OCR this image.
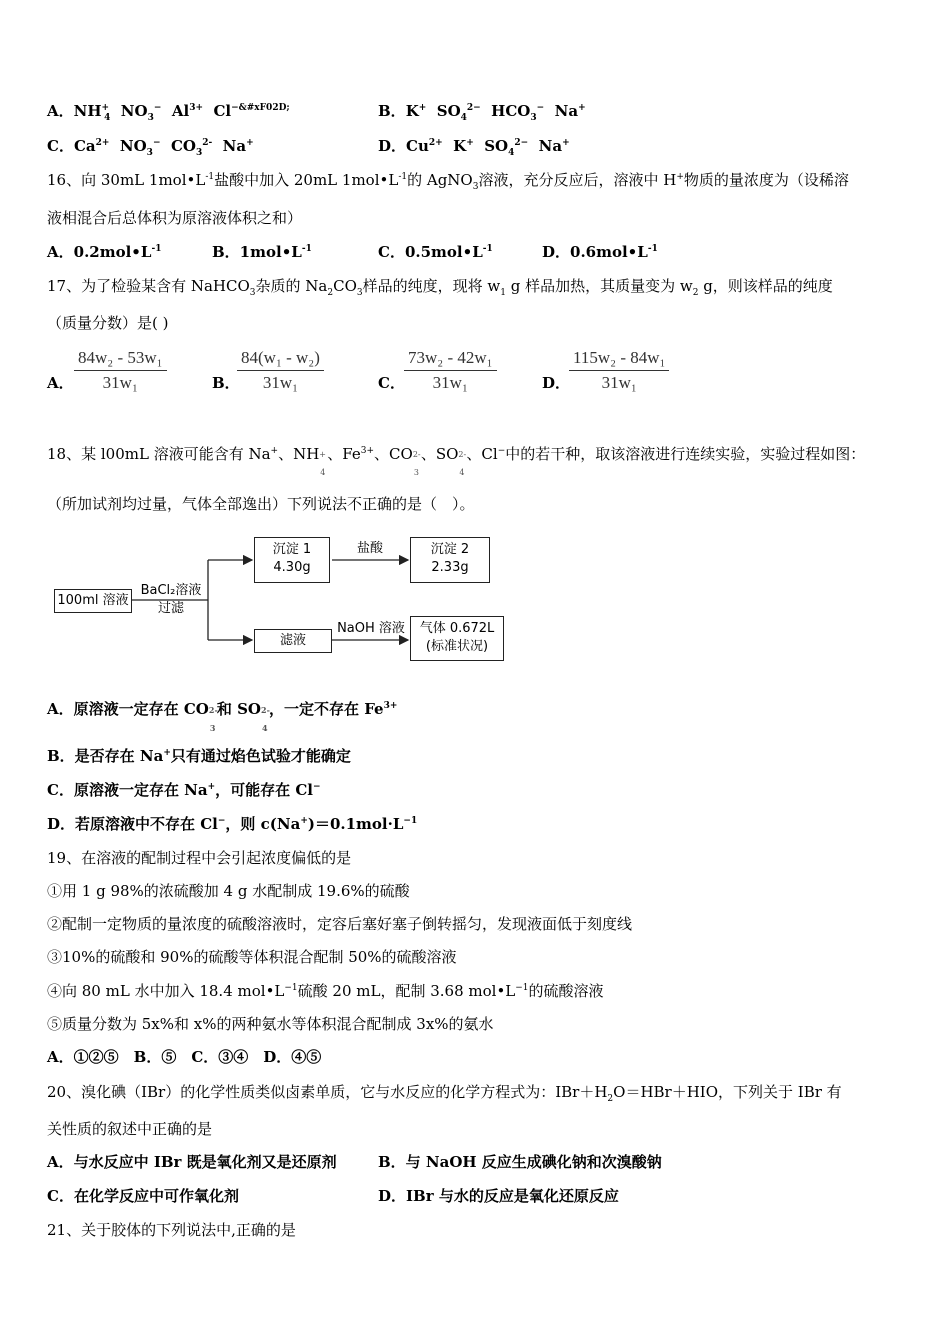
A．$NH^+_4$ $NO_3^-$ $Al^{3+}$ $Cl^{-\&\#xF02D;}$	B．K+ $SO_4^{2-}$ $HCO_3^-$ Na+
C．$Ca^{2+}$ $NO_3^-$ $CO_3^{2-}$ Na+	D．$Cu^{2+}$ K+ $SO_4^{2-}$ Na+
16、向 30mL $1mol•L^{-1}$盐酸中加入 20mL $1mol•L^{-1}$的 AgNO$_3$溶液，充分反应后，溶液中 H+物质的量浓度为（设稀溶
液相混合后总体积为原溶液体积之和）
A．$0.2mol•L^{-1}$	B．$1mol•L^{-1}$	C．$0.5mol•L^{-1}$	D．$0.6mol•L^{-1}$
17、为了检验某含有 NaHCO$_3$杂质的 $Na_2CO_3$样品的纯度，现将 $w_1$ g 样品加热，其质量变为 $w_2$ g，则该样品的纯度
（质量分数）是( )
A． $\frac{\text{84w₂ - 53w₁}}{\text{31w₁}}$	B．
$\frac{\text{84(w₁ - w₂)}}{\text{31w₁}}$	C． $\frac{\text{73w₂ - 42w₁}}{\text{31w₁}}$	D．
$\frac{\text{115w₂ - 84w₁}}{\text{31w₁}}$
18、某 l00mL 溶液可能含有 Na+、NH +
4
、$Fe^{3+}$、CO 2-
3
、SO 2-
4
、Cl−中的若干种，取该溶液进行连续实验，实验过程如图：
（所加试剂均过量，气体全部逸出）下列说法不正确的是（　）。
100ml 溶液
BaCl₂溶液
过滤
沉淀 1
4.30g
盐酸	沉淀 2
2.33g
滤液
NaOH 溶液	气体 0.672L
(标准状况)
A．原溶液一定存在 CO 2-
3
和 SO 2-
4
，一定不存在 $Fe^{3+}$
B．是否存在 Na+只有通过焰色试验才能确定
C．原溶液一定存在 Na+，可能存在 Cl−
D．若原溶液中不存在 Cl−，则 $c(Na^+)=0.1mol\cdot L^{-1}$
19、在溶液的配制过程中会引起浓度偏低的是
①用 1 g 98%的浓硫酸加 4 g 水配制成 19.6%的硫酸
②配制一定物质的量浓度的硫酸溶液时，定容后塞好塞子倒转摇匀，发现液面低于刻度线
③10%的硫酸和 90%的硫酸等体积混合配制 50%的硫酸溶液
④向 80 mL 水中加入 18.4 $mol•L^{-1}$硫酸 20 mL，配制 3.68 $mol•L^{-1}$的硫酸溶液
⑤质量分数为 5x%和 x%的两种氨水等体积混合配制成 3x%的氨水
A．①②⑤　B．⑤　C．③④　D．④⑤
20、溴化碘（IBr）的化学性质类似卤素单质，它与水反应的化学方程式为：$IBr+H_2O=HBr+HIO$，下列关于 IBr 有
关性质的叙述中正确的是
A．与水反应中 IBr 既是氧化剂又是还原剂	B．与 NaOH 反应生成碘化钠和次溴酸钠
C．在化学反应中可作氧化剂	D．IBr 与水的反应是氧化还原反应
21、关于胶体的下列说法中,正确的是
